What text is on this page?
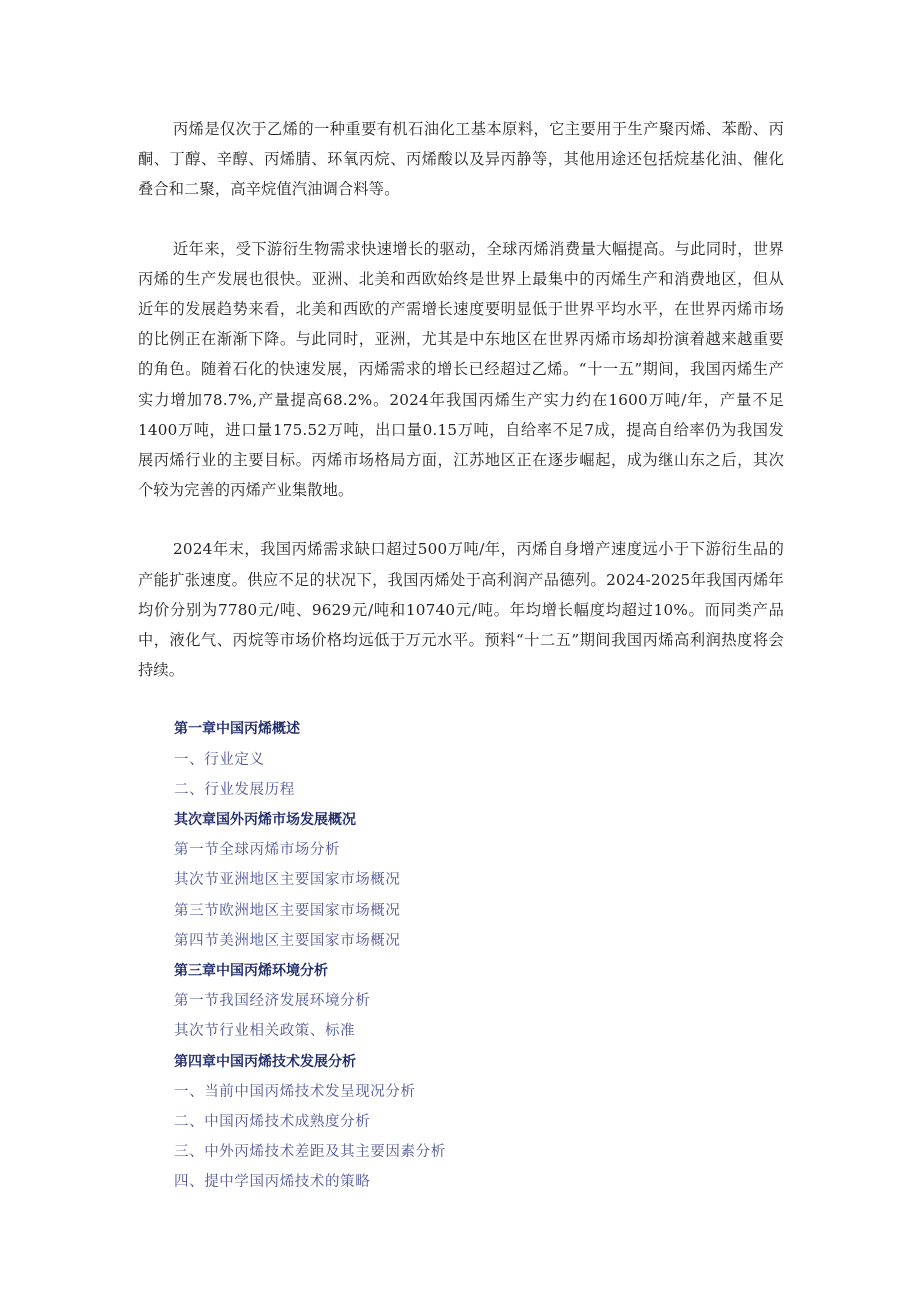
丙烯是仅次于乙烯的一种重要有机石油化工基本原料，它主要用于生产聚丙烯、苯酚、丙酮、丁醇、辛醇、丙烯腈、环氧丙烷、丙烯酸以及异丙静等，其他用途还包括烷基化油、催化叠合和二聚，高辛烷值汽油调合料等。

近年来，受下游衍生物需求快速增长的驱动，全球丙烯消费量大幅提高。与此同时，世界丙烯的生产发展也很快。亚洲、北美和西欧始终是世界上最集中的丙烯生产和消费地区，但从近年的发展趋势来看，北美和西欧的产需增长速度要明显低于世界平均水平，在世界丙烯市场的比例正在渐渐下降。与此同时，亚洲，尤其是中东地区在世界丙烯市场却扮演着越来越重要的角色。随着石化的快速发展，丙烯需求的增长已经超过乙烯。“十一五”期间，我国丙烯生产实力增加78.7%,产量提高68.2%。2024年我国丙烯生产实力约在1600万吨/年，产量不足1400万吨，进口量175.52万吨，出口量0.15万吨，自给率不足7成，提高自给率仍为我国发展丙烯行业的主要目标。丙烯市场格局方面，江苏地区正在逐步崛起，成为继山东之后，其次个较为完善的丙烯产业集散地。

2024年末，我国丙烯需求缺口超过500万吨/年，丙烯自身增产速度远小于下游衍生品的产能扩张速度。供应不足的状况下，我国丙烯处于高利润产品德列。2024-2025年我国丙烯年均价分别为7780元/吨、9629元/吨和10740元/吨。年均增长幅度均超过10%。而同类产品中，液化气、丙烷等市场价格均远低于万元水平。预料“十二五”期间我国丙烯高利润热度将会持续。

第一章中国丙烯概述
一、行业定义
二、行业发展历程
其次章国外丙烯市场发展概况
第一节全球丙烯市场分析
其次节亚洲地区主要国家市场概况
第三节欧洲地区主要国家市场概况
第四节美洲地区主要国家市场概况
第三章中国丙烯环境分析
第一节我国经济发展环境分析
其次节行业相关政策、标准
第四章中国丙烯技术发展分析
一、当前中国丙烯技术发呈现况分析
二、中国丙烯技术成熟度分析
三、中外丙烯技术差距及其主要因素分析
四、提中学国丙烯技术的策略
